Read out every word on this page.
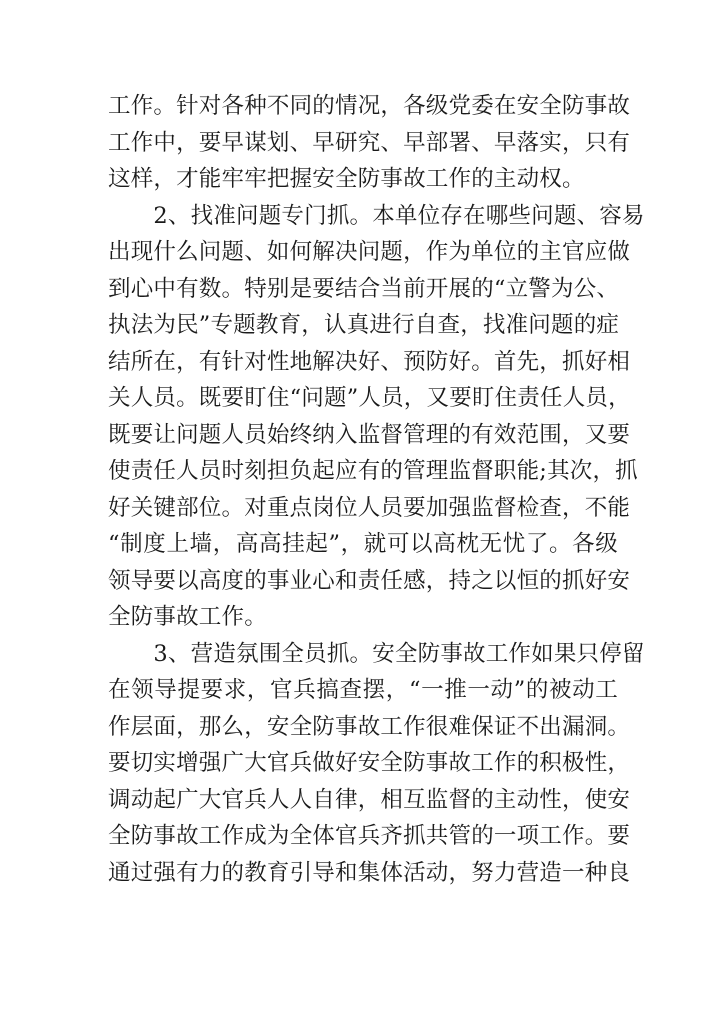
工作。针对各种不同的情况，各级党委在安全防事故
工作中，要早谋划、早研究、早部署、早落实，只有
这样，才能牢牢把握安全防事故工作的主动权。
　　2、找准问题专门抓。本单位存在哪些问题、容易
出现什么问题、如何解决问题，作为单位的主官应做
到心中有数。特别是要结合当前开展的“立警为公、
执法为民”专题教育，认真进行自查，找准问题的症
结所在，有针对性地解决好、预防好。首先，抓好相
关人员。既要盯住“问题”人员，又要盯住责任人员，
既要让问题人员始终纳入监督管理的有效范围，又要
使责任人员时刻担负起应有的管理监督职能;其次，抓
好关键部位。对重点岗位人员要加强监督检查，不能
“制度上墙，高高挂起”，就可以高枕无忧了。各级
领导要以高度的事业心和责任感，持之以恒的抓好安
全防事故工作。
　　3、营造氛围全员抓。安全防事故工作如果只停留
在领导提要求，官兵搞查摆，“一推一动”的被动工
作层面，那么，安全防事故工作很难保证不出漏洞。
要切实增强广大官兵做好安全防事故工作的积极性，
调动起广大官兵人人自律，相互监督的主动性，使安
全防事故工作成为全体官兵齐抓共管的一项工作。要
通过强有力的教育引导和集体活动，努力营造一种良
